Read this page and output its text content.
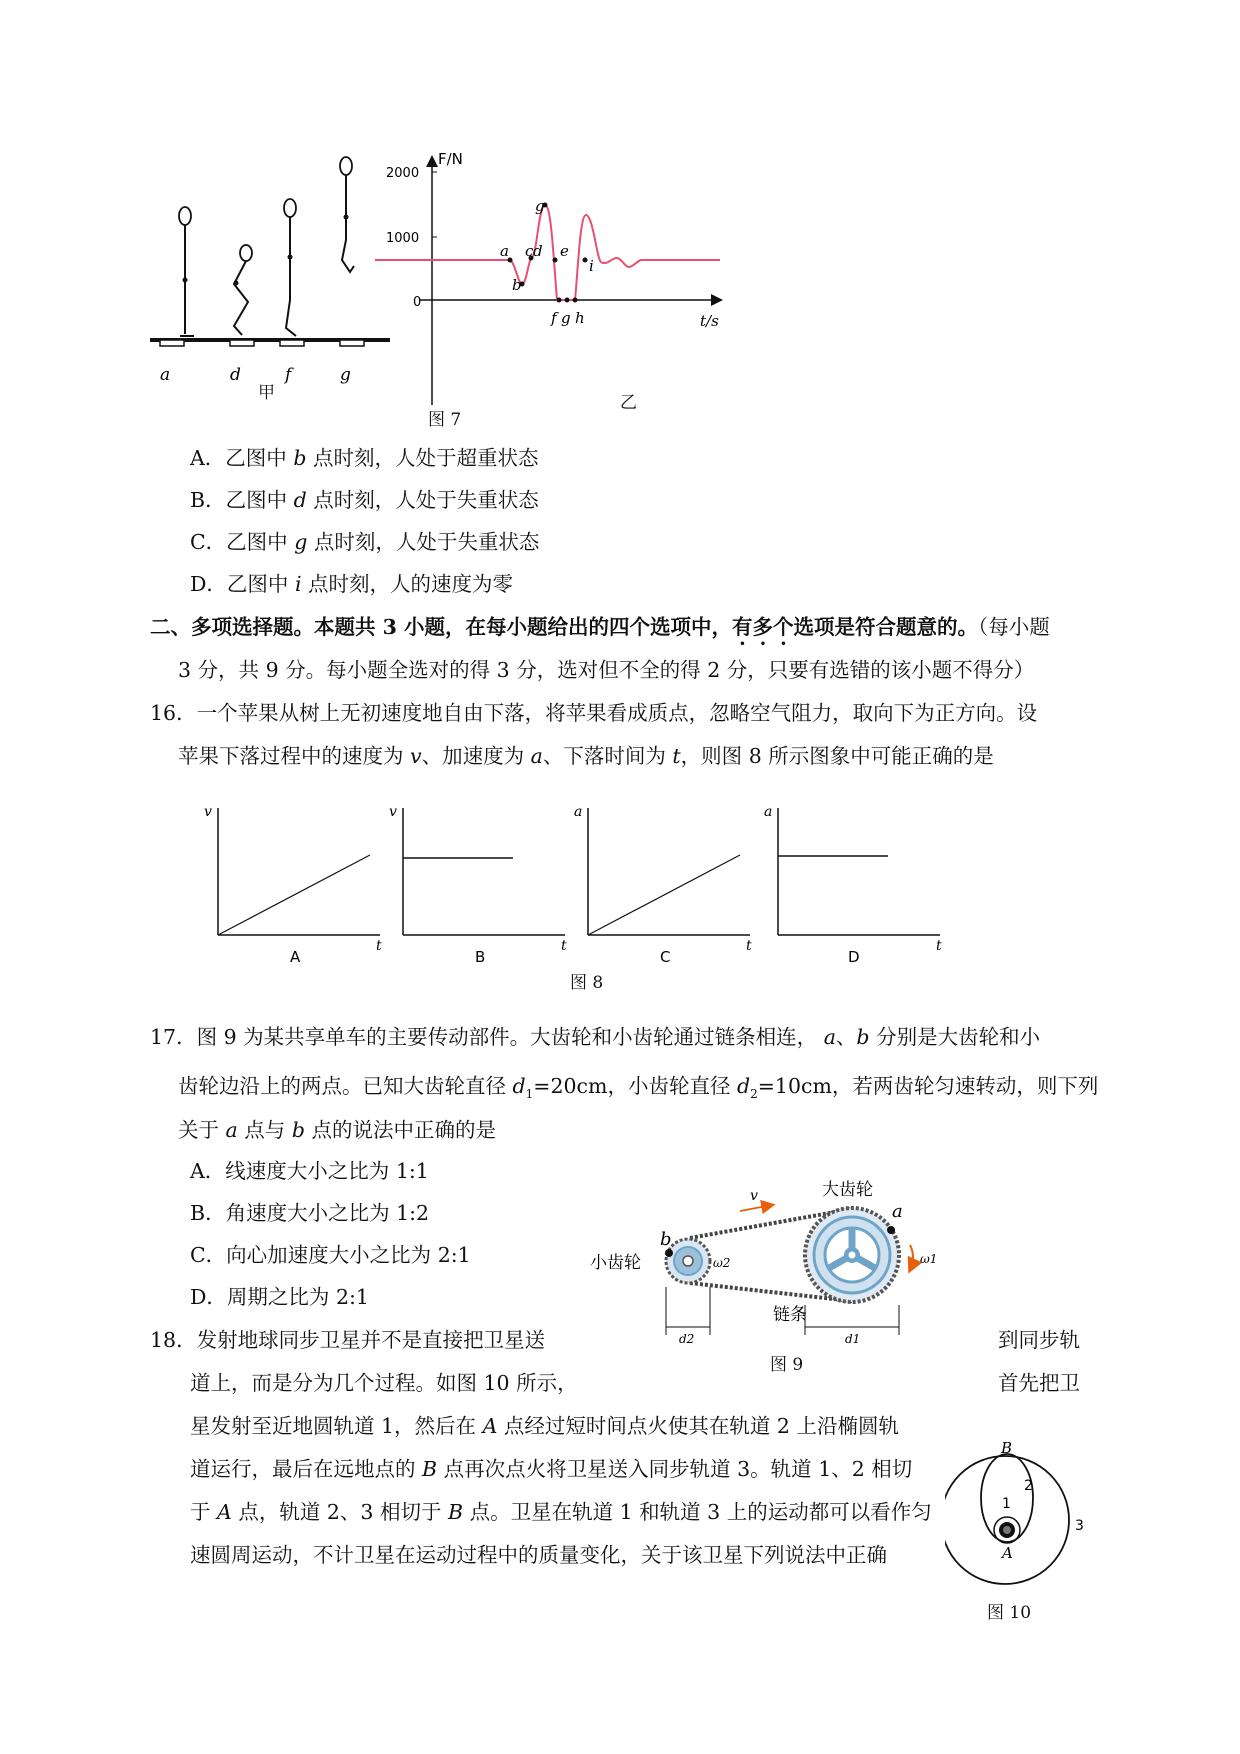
a	d	f	g
甲
2000
1000
0
F/N
t/s
a
b
c d e
f
g
h
i
g
乙
图 7
A．乙图中 b 点时刻，人处于超重状态
B．乙图中 d 点时刻，人处于失重状态
C．乙图中 g 点时刻，人处于失重状态
D．乙图中 i 点时刻，人的速度为零
二、多项选择题。本题共 3 小题，在每小题给出的四个选项中，有多个选项是符合题意的。（每小题
3 分，共 9 分。每小题全选对的得 3 分，选对但不全的得 2 分，只要有选错的该小题不得分）
16．一个苹果从树上无初速度地自由下落，将苹果看成质点，忽略空气阻力，取向下为正方向。设
苹果下落过程中的速度为 v、加速度为 a、下落时间为 t，则图 8 所示图象中可能正确的是
v
t
A
v
t
B
a
t
C
a
t
D
图 8
17．图 9 为某共享单车的主要传动部件。大齿轮和小齿轮通过链条相连， a、b 分别是大齿轮和小
齿轮边沿上的两点。已知大齿轮直径 $d_1=20cm$，小齿轮直径 $d_2=10cm$，若两齿轮匀速转动，则下列
关于 a 点与 b 点的说法中正确的是
A．线速度大小之比为 1:1
B．角速度大小之比为 1:2
C．向心加速度大小之比为 2:1
D．周期之比为 2:1
v	大齿轮
a
b
小齿轮	ω2	ω1
链条
d2	d1
图 9
18．发射地球同步卫星并不是直接把卫星送	到同步轨
道上，而是分为几个过程。如图 10 所示，	首先把卫
星发射至近地圆轨道 1，然后在 A 点经过短时间点火使其在轨道 2 上沿椭圆轨
道运行，最后在远地点的 B 点再次点火将卫星送入同步轨道 3。轨道 1、2 相切
于 A 点，轨道 2、3 相切于 B 点。卫星在轨道 1 和轨道 3 上的运动都可以看作匀
速圆周运动，不计卫星在运动过程中的质量变化，关于该卫星下列说法中正确
B
A
1
2
3
图 10
